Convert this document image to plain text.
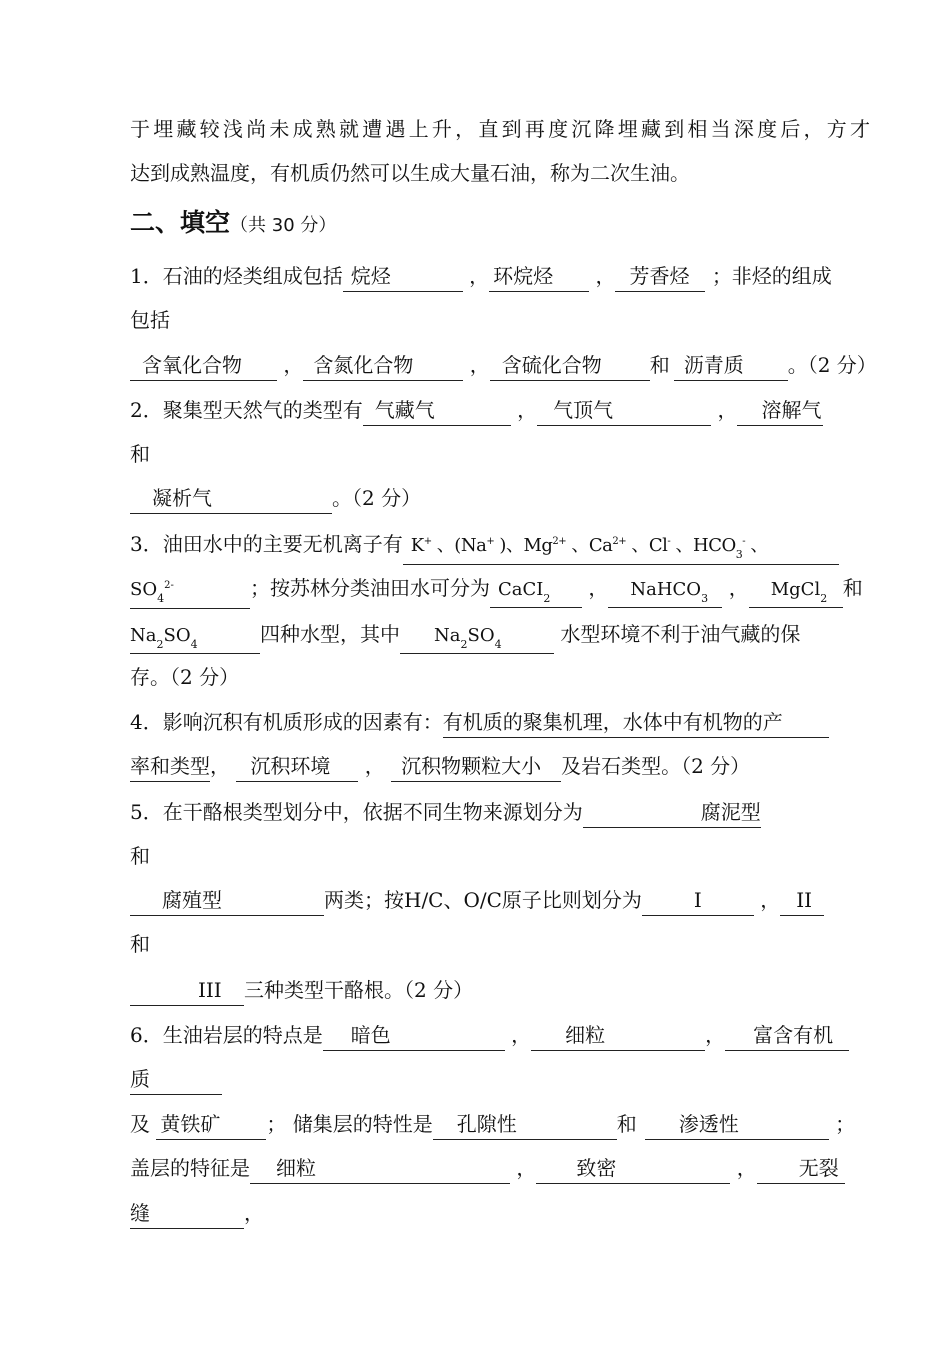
于埋藏较浅尚未成熟就遭遇上升，直到再度沉降埋藏到相当深度后，方才
达到成熟温度，有机质仍然可以生成大量石油，称为二次生油。
二、填空（共 30 分）
1．石油的烃类组成包括 烷烃	， 环烷烃 ， 芳香烃 ；非烃的组成
包括
含氧化合物 ， 含氮化合物	， 含硫化合物 和 沥青质 。（2 分）
2．聚集型天然气的类型有 气藏气	， 气顶气	， 溶解气
和
凝析气	。（2 分）
3．油田水中的主要无机离子有 K+ 、(Na+ )、$Mg^{2+}$ 、$Ca^{2+}$ 、Cl- 、$HCO_3^-$ 、
$SO_4^{2-}$	；按苏林分类油田水可分为 CaCI$_2$ ， NaHCO$_3$ ， MgCl$_2$ 和
$Na_2SO_4$	四种水型，其中 $Na_2SO_4$	水型环境不利于油气藏的保
存。（2 分）
4．影响沉积有机质形成的因素有：有机质的聚集机理，水体中有机物的产
率和类型， 沉积环境 ， 沉积物颗粒大小 及岩石类型。（2 分）
5．在干酪根类型划分中，依据不同生物来源划分为	腐泥型
和
腐殖型	两类；按H/C、O/C原子比则划分为	I	， II
和
III 三种类型干酪根。（2 分）
6．生油岩层的特点是 暗色	， 细粒	， 富含有机
质
及 黄铁矿 ； 储集层的特性是 孔隙性	和 渗透性	；
盖层的特征是 细粒	， 致密	， 无裂
缝	，
